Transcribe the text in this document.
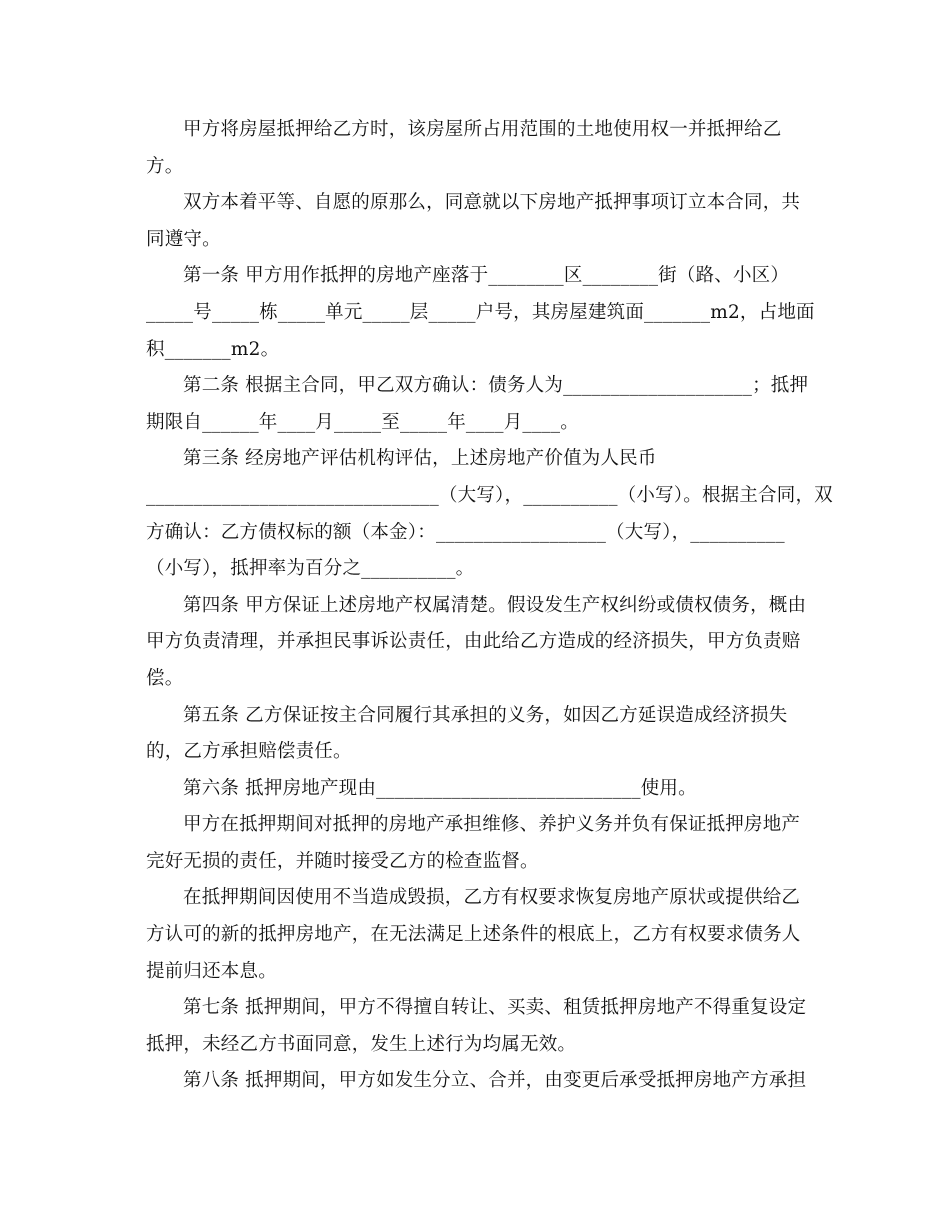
甲方将房屋抵押给乙方时，该房屋所占用范围的土地使用权一并抵押给乙
方。
双方本着平等、自愿的原那么，同意就以下房地产抵押事项订立本合同，共
同遵守。
第一条 甲方用作抵押的房地产座落于________区________街（路、小区）
_____号_____栋_____单元_____层_____户号，其房屋建筑面_______m2，占地面
积_______m2。
第二条 根据主合同，甲乙双方确认：债务人为____________________；抵押
期限自______年____月_____至_____年____月____。
第三条 经房地产评估机构评估，上述房地产价值为人民币
_______________________________（大写），__________（小写）。根据主合同，双
方确认：乙方债权标的额（本金）：__________________（大写），__________
（小写），抵押率为百分之__________。
第四条 甲方保证上述房地产权属清楚。假设发生产权纠纷或债权债务，概由
甲方负责清理，并承担民事诉讼责任，由此给乙方造成的经济损失，甲方负责赔
偿。
第五条 乙方保证按主合同履行其承担的义务，如因乙方延误造成经济损失
的，乙方承担赔偿责任。
第六条 抵押房地产现由____________________________使用。
甲方在抵押期间对抵押的房地产承担维修、养护义务并负有保证抵押房地产
完好无损的责任，并随时接受乙方的检查监督。
在抵押期间因使用不当造成毁损，乙方有权要求恢复房地产原状或提供给乙
方认可的新的抵押房地产，在无法满足上述条件的根底上，乙方有权要求债务人
提前归还本息。
第七条 抵押期间，甲方不得擅自转让、买卖、租赁抵押房地产不得重复设定
抵押，未经乙方书面同意，发生上述行为均属无效。
第八条 抵押期间，甲方如发生分立、合并，由变更后承受抵押房地产方承担
